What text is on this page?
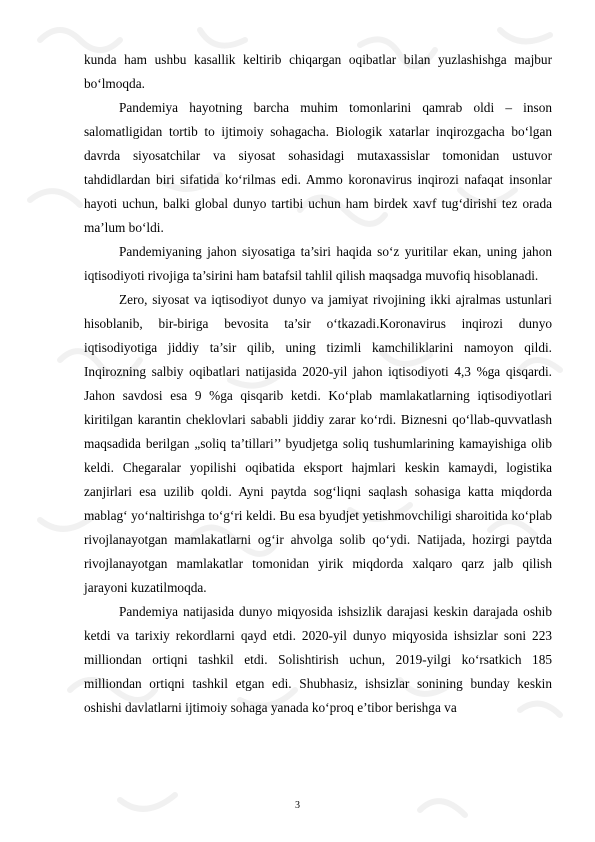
kunda ham ushbu kasallik keltirib chiqargan oqibatlar bilan yuzlashishga majbur bo‘lmoqda.

Pandemiya hayotning barcha muhim tomonlarini qamrab oldi – inson salomatligidan tortib to ijtimoiy sohagacha. Biologik xatarlar inqirozgacha bo‘lgan davrda siyosatchilar va siyosat sohasidagi mutaxassislar tomonidan ustuvor tahdidlardan biri sifatida ko‘rilmas edi. Ammo koronavirus inqirozi nafaqat insonlar hayoti uchun, balki global dunyo tartibi uchun ham birdek xavf tug‘dirishi tez orada ma’lum bo‘ldi.

Pandemiyaning jahon siyosatiga ta’siri haqida so‘z yuritilar ekan, uning jahon iqtisodiyoti rivojiga ta’sirini ham batafsil tahlil qilish maqsadga muvofiq hisoblanadi.

Zero, siyosat va iqtisodiyot dunyo va jamiyat rivojining ikki ajralmas ustunlari hisoblanib, bir-biriga bevosita ta’sir o‘tkazadi.Koronavirus inqirozi dunyo iqtisodiyotiga jiddiy ta’sir qilib, uning tizimli kamchiliklarini namoyon qildi. Inqirozning salbiy oqibatlari natijasida 2020-yil jahon iqtisodiyoti 4,3 %ga qisqardi. Jahon savdosi esa 9 %ga qisqarib ketdi. Ko‘plab mamlakatlarning iqtisodiyotlari kiritilgan karantin cheklovlari sababli jiddiy zarar ko‘rdi. Biznesni qo‘llab-quvvatlash maqsadida berilgan „soliq ta’tillari’’ byudjetga soliq tushumlarining kamayishiga olib keldi. Chegaralar yopilishi oqibatida eksport hajmlari keskin kamaydi, logistika zanjirlari esa uzilib qoldi. Ayni paytda sog‘liqni saqlash sohasiga katta miqdorda mablag‘ yo‘naltirishga to‘g‘ri keldi. Bu esa byudjet yetishmovchiligi sharoitida ko‘plab rivojlanayotgan mamlakatlarni og‘ir ahvolga solib qo‘ydi. Natijada, hozirgi paytda rivojlanayotgan mamlakatlar tomonidan yirik miqdorda xalqaro qarz jalb qilish jarayoni kuzatilmoqda.

Pandemiya natijasida dunyo miqyosida ishsizlik darajasi keskin darajada oshib ketdi va tarixiy rekordlarni qayd etdi. 2020-yil dunyo miqyosida ishsizlar soni 223 milliondan ortiqni tashkil etdi. Solishtirish uchun, 2019-yilgi ko‘rsatkich 185 milliondan ortiqni tashkil etgan edi. Shubhasiz, ishsizlar sonining bunday keskin oshishi davlatlarni ijtimoiy sohaga yanada ko‘proq e’tibor berishga va

3
